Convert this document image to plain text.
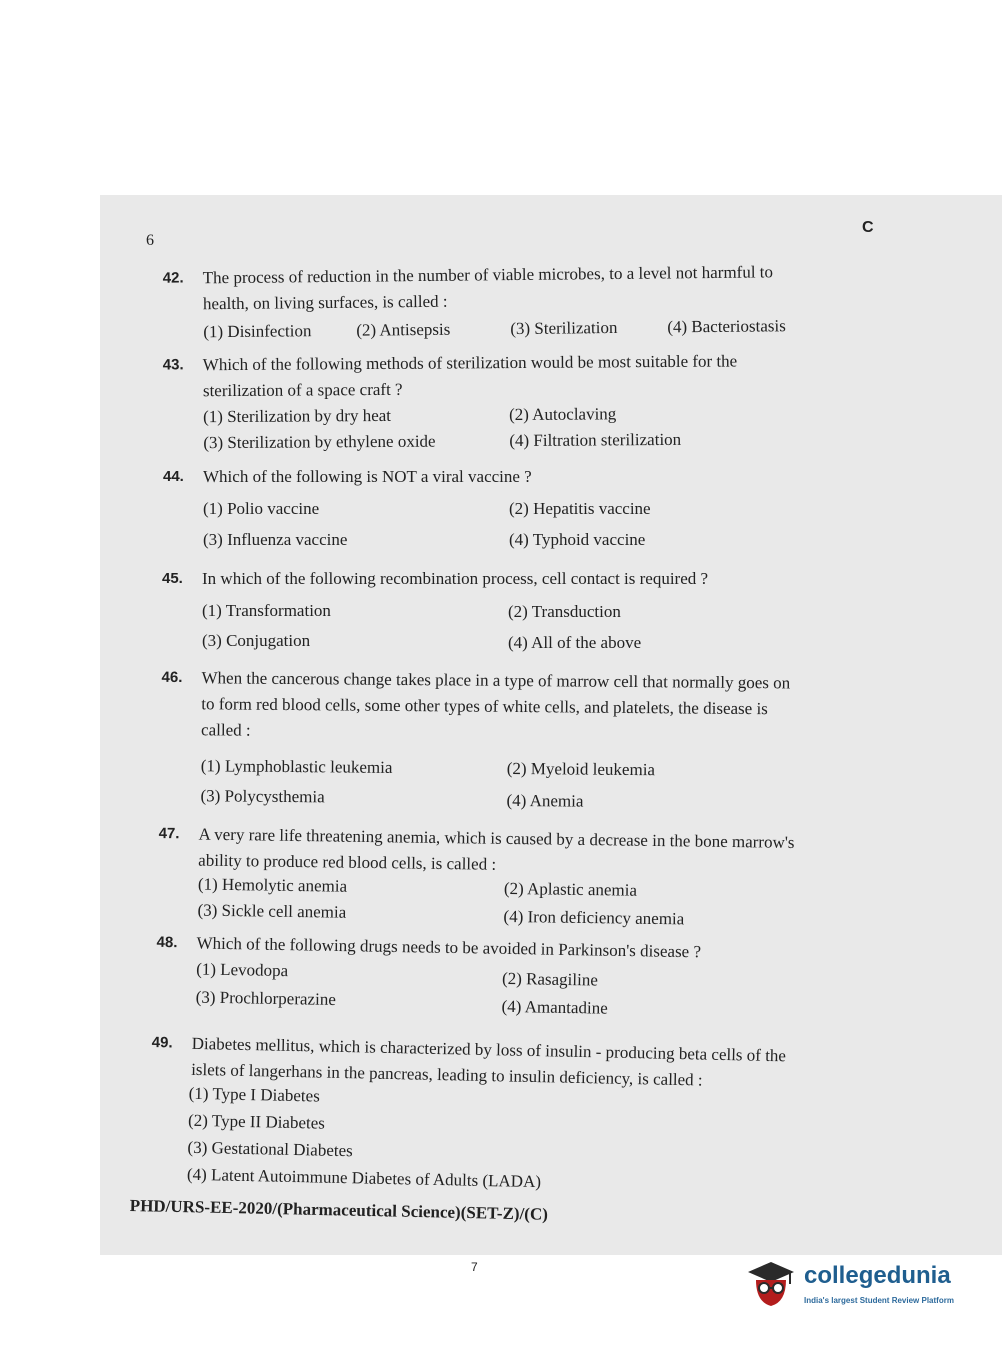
6
C
42. The process of reduction in the number of viable microbes, to a level not harmful to
health, on living surfaces, is called :
(1) Disinfection	(2) Antisepsis	(3) Sterilization	(4) Bacteriostasis
43. Which of the following methods of sterilization would be most suitable for the
sterilization of a space craft ?
(1) Sterilization by dry heat	(2) Autoclaving
(3) Sterilization by ethylene oxide	(4) Filtration sterilization
44. Which of the following is NOT a viral vaccine ?
(1) Polio vaccine	(2) Hepatitis vaccine
(3) Influenza vaccine	(4) Typhoid vaccine
45. In which of the following recombination process, cell contact is required ?
(1) Transformation	(2) Transduction
(3) Conjugation	(4) All of the above
46. When the cancerous change takes place in a type of marrow cell that normally goes on
to form red blood cells, some other types of white cells, and platelets, the disease is
called :
(1) Lymphoblastic leukemia	(2) Myeloid leukemia
(3) Polycysthemia	(4) Anemia
47. A very rare life threatening anemia, which is caused by a decrease in the bone marrow's
ability to produce red blood cells, is called :
(1) Hemolytic anemia	(2) Aplastic anemia
(3) Sickle cell anemia	(4) Iron deficiency anemia
48. Which of the following drugs needs to be avoided in Parkinson's disease ?
(1) Levodopa	(2) Rasagiline
(3) Prochlorperazine	(4) Amantadine
49. Diabetes mellitus, which is characterized by loss of insulin - producing beta cells of the
islets of langerhans in the pancreas, leading to insulin deficiency, is called :
(1) Type I Diabetes
(2) Type II Diabetes
(3) Gestational Diabetes
(4) Latent Autoimmune Diabetes of Adults (LADA)
PHD/URS-EE-2020/(Pharmaceutical Science)(SET-Z)/(C)
7	collegedunia
India's largest Student Review Platform
